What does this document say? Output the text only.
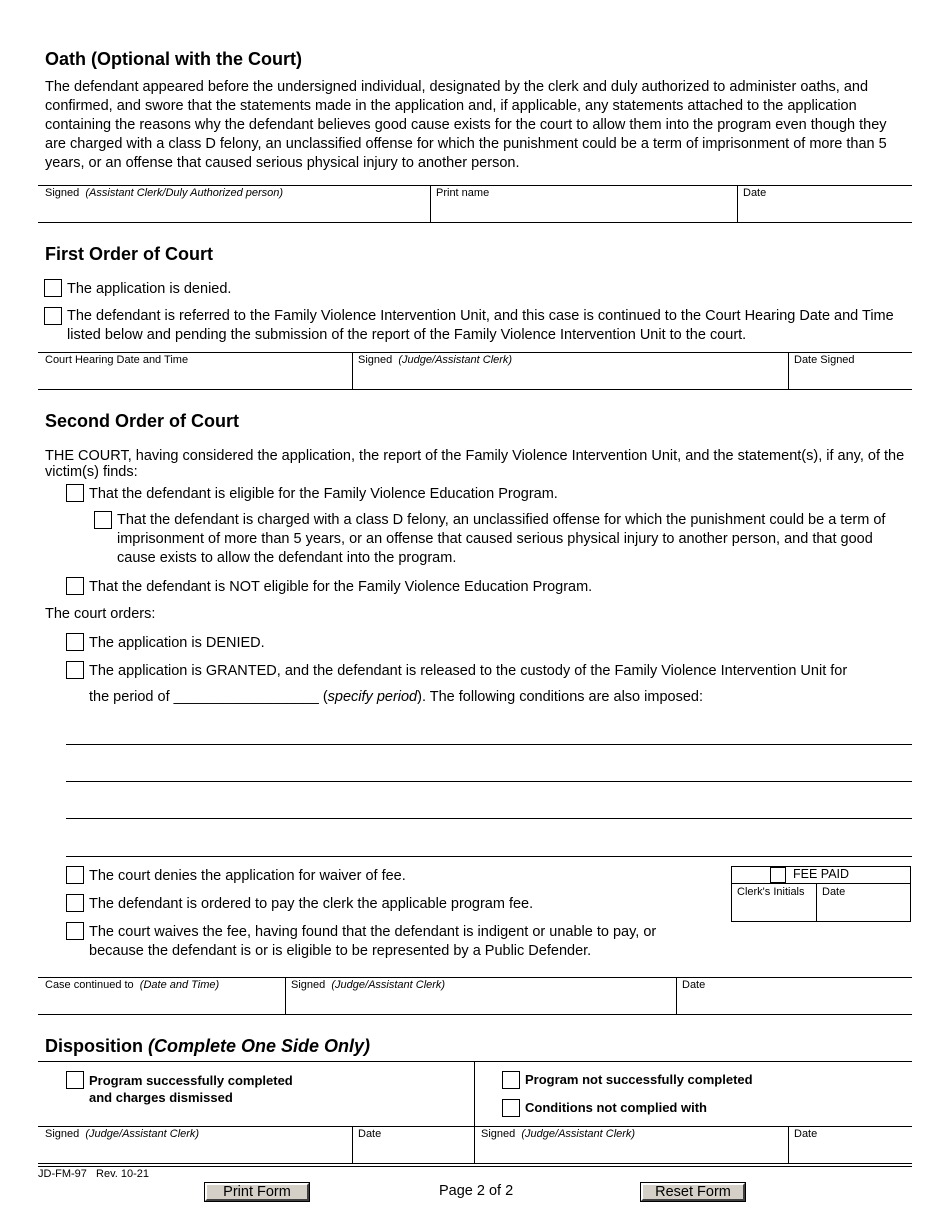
Oath (Optional with the Court)
The defendant appeared before the undersigned individual, designated by the clerk and duly authorized to administer oaths, and confirmed, and swore that the statements made in the application and, if applicable, any statements attached to the application containing the reasons why the defendant believes good cause exists for the court to allow them into the program even though they are charged with a class D felony, an unclassified offense for which the punishment could be a term of imprisonment of more than 5 years, or an offense that caused serious physical injury to another person.
Signed (Assistant Clerk/Duly Authorized person)	Print name	Date
First Order of Court
The application is denied.
The defendant is referred to the Family Violence Intervention Unit, and this case is continued to the Court Hearing Date and Time listed below and pending the submission of the report of the Family Violence Intervention Unit to the court.
Court Hearing Date and Time	Signed (Judge/Assistant Clerk)	Date Signed
Second Order of Court
THE COURT, having considered the application, the report of the Family Violence Intervention Unit, and the statement(s), if any, of the victim(s) finds:
That the defendant is eligible for the Family Violence Education Program.
That the defendant is charged with a class D felony, an unclassified offense for which the punishment could be a term of imprisonment of more than 5 years, or an offense that caused serious physical injury to another person, and that good cause exists to allow the defendant into the program.
That the defendant is NOT eligible for the Family Violence Education Program.
The court orders:
The application is DENIED.
The application is GRANTED, and the defendant is released to the custody of the Family Violence Intervention Unit for
the period of __________________ (specify period). The following conditions are also imposed:
The court denies the application for waiver of fee.
The defendant is ordered to pay the clerk the applicable program fee.
The court waives the fee, having found that the defendant is indigent or unable to pay, or because the defendant is or is eligible to be represented by a Public Defender.
FEE PAID
Clerk's Initials Date
Case continued to (Date and Time)	Signed (Judge/Assistant Clerk)	Date
Disposition (Complete One Side Only)
Program successfully completed and charges dismissed
Program not successfully completed
Conditions not complied with
Signed (Judge/Assistant Clerk)	Date	Signed (Judge/Assistant Clerk)	Date
JD-FM-97   Rev. 10-21
Print Form	Page 2 of 2	Reset Form
